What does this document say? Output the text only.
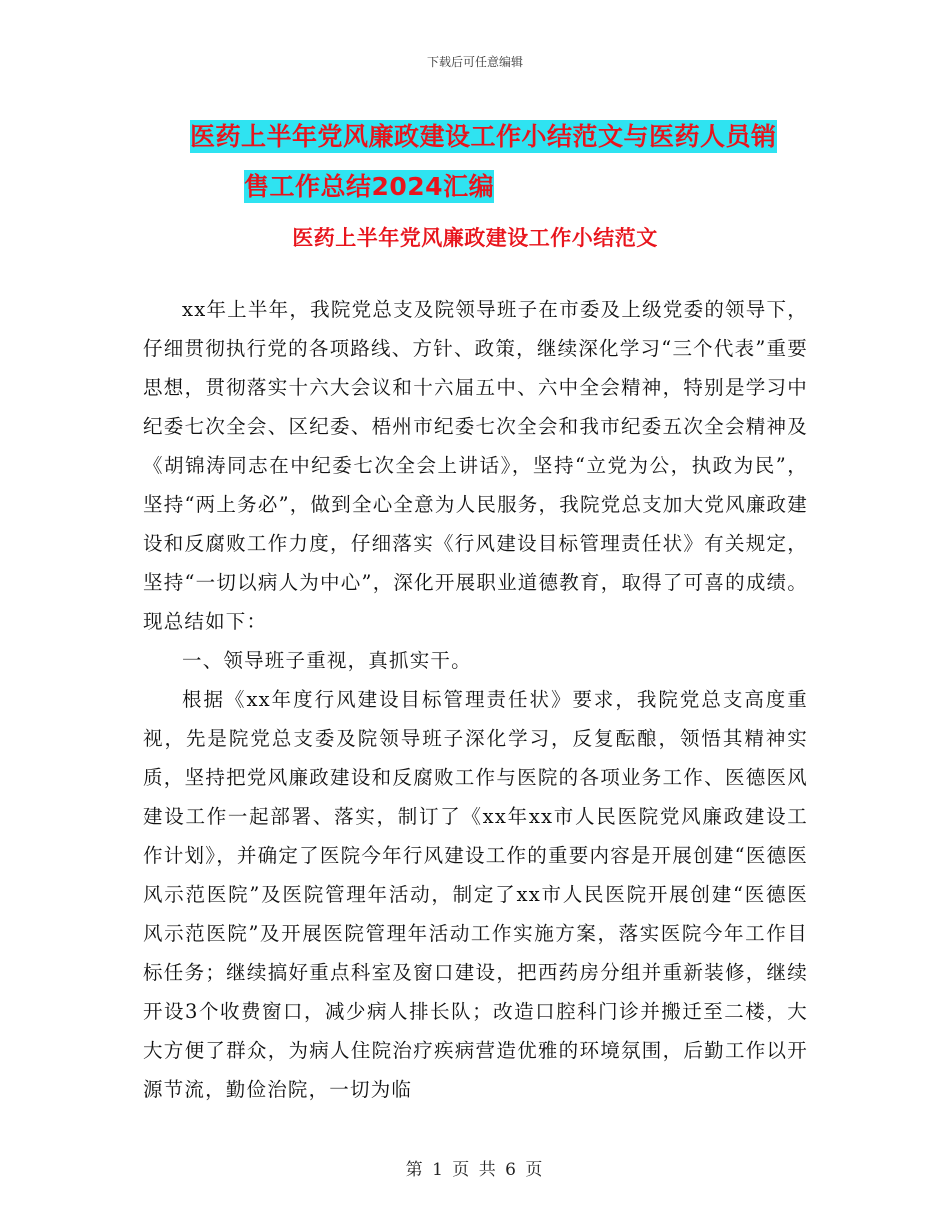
下载后可任意编辑
医药上半年党风廉政建设工作小结范文与医药人员销
售工作总结2024汇编
医药上半年党风廉政建设工作小结范文

xx年上半年，我院党总支及院领导班子在市委及上级党委的领导下，仔细贯彻执行党的各项路线、方针、政策，继续深化学习“三个代表”重要思想，贯彻落实十六大会议和十六届五中、六中全会精神，特别是学习中纪委七次全会、区纪委、梧州市纪委七次全会和我市纪委五次全会精神及《胡锦涛同志在中纪委七次全会上讲话》，坚持“立党为公，执政为民”，坚持“两上务必”，做到全心全意为人民服务，我院党总支加大党风廉政建设和反腐败工作力度，仔细落实《行风建设目标管理责任状》有关规定，坚持“一切以病人为中心”，深化开展职业道德教育，取得了可喜的成绩。现总结如下：

一、领导班子重视，真抓实干。

根据《xx年度行风建设目标管理责任状》要求，我院党总支高度重视，先是院党总支委及院领导班子深化学习，反复酝酿，领悟其精神实质，坚持把党风廉政建设和反腐败工作与医院的各项业务工作、医德医风建设工作一起部署、落实，制订了《xx年xx市人民医院党风廉政建设工作计划》，并确定了医院今年行风建设工作的重要内容是开展创建“医德医风示范医院”及医院管理年活动，制定了xx市人民医院开展创建“医德医风示范医院”及开展医院管理年活动工作实施方案，落实医院今年工作目标任务；继续搞好重点科室及窗口建设，把西药房分组并重新装修，继续开设3个收费窗口，减少病人排长队；改造口腔科门诊并搬迁至二楼，大大方便了群众，为病人住院治疗疾病营造优雅的环境氛围，后勤工作以开源节流，勤俭治院，一切为临

第 1 页 共 6 页
